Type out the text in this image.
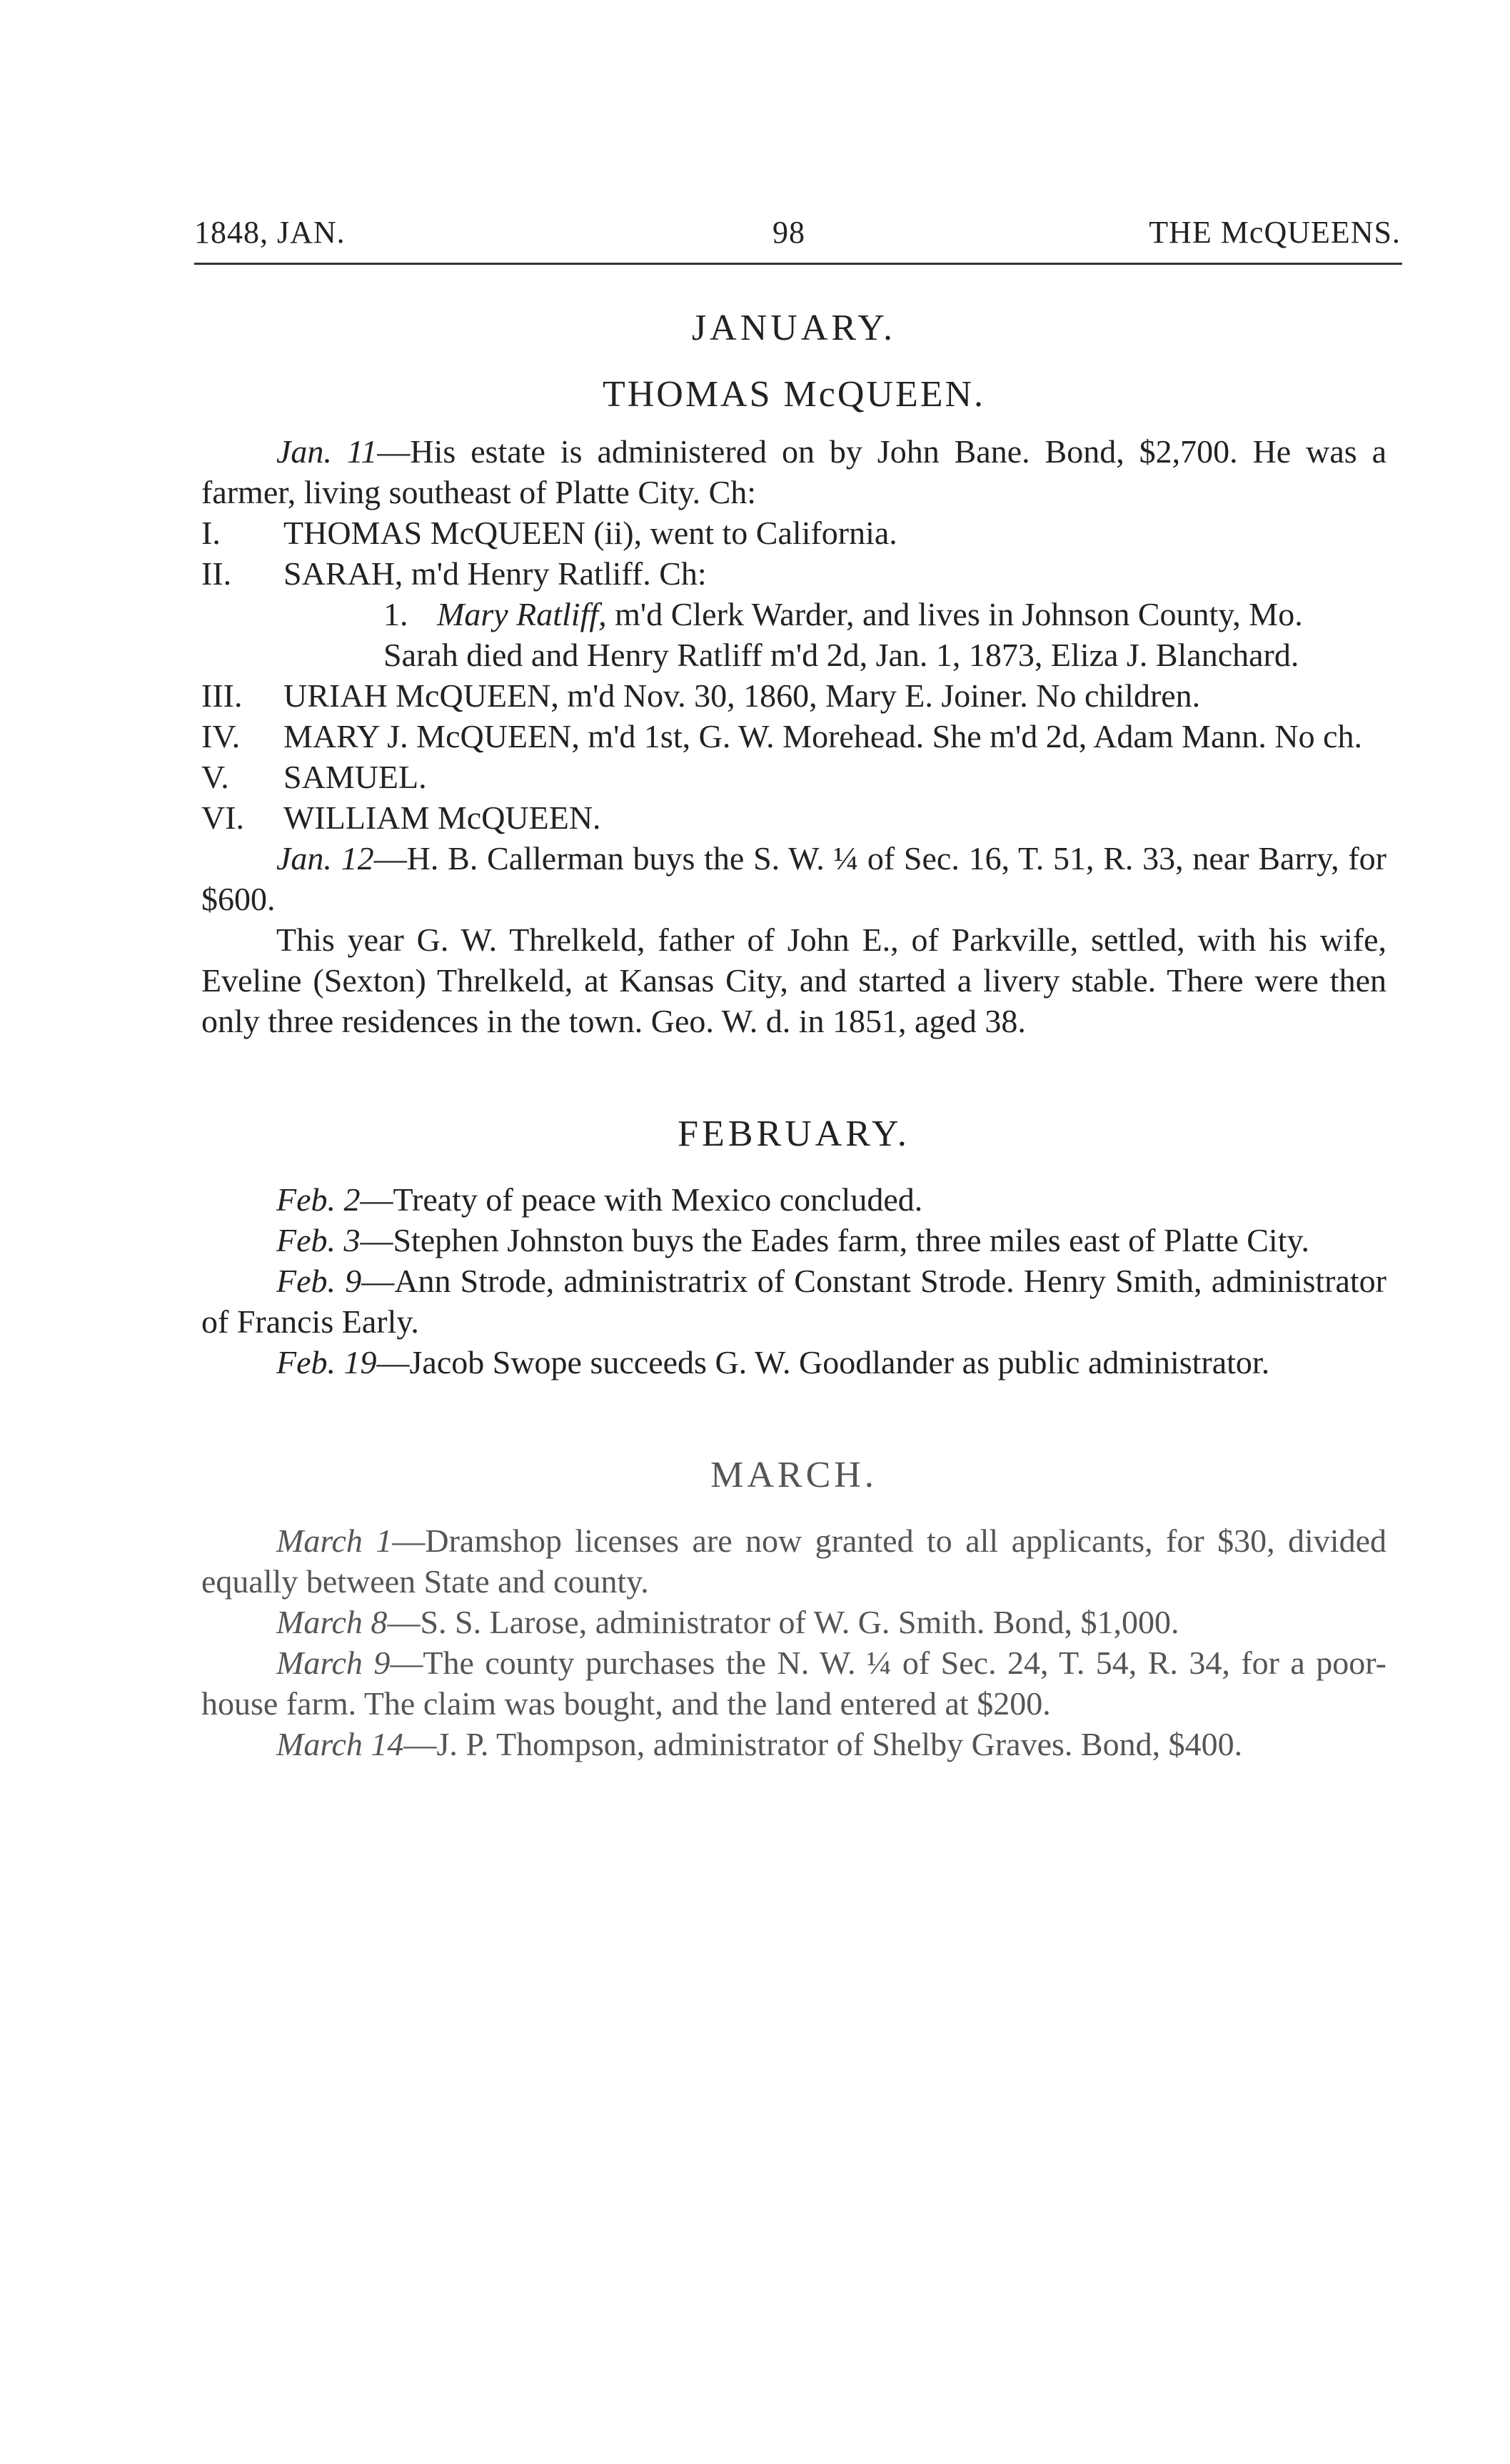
1848, JAN.	98	THE McQUEENS.
JANUARY.
THOMAS McQUEEN.

Jan. 11—His estate is administered on by John Bane. Bond, $2,700. He was a farmer, living southeast of Platte City. Ch:

I. THOMAS McQUEEN (ii), went to California.

II. SARAH, m'd Henry Ratliff. Ch:

1. Mary Ratliff, m'd Clerk Warder, and lives in Johnson County, Mo.

Sarah died and Henry Ratliff m'd 2d, Jan. 1, 1873, Eliza J. Blanchard.

III. URIAH McQUEEN, m'd Nov. 30, 1860, Mary E. Joiner. No children.

IV. MARY J. McQUEEN, m'd 1st, G. W. Morehead. She m'd 2d, Adam Mann. No ch.

V. SAMUEL.

VI. WILLIAM McQUEEN.

Jan. 12—H. B. Callerman buys the S. W. ¼ of Sec. 16, T. 51, R. 33, near Barry, for $600.

This year G. W. Threlkeld, father of John E., of Parkville, settled, with his wife, Eveline (Sexton) Threlkeld, at Kansas City, and started a livery stable. There were then only three residences in the town. Geo. W. d. in 1851, aged 38.

FEBRUARY.

Feb. 2—Treaty of peace with Mexico concluded.

Feb. 3—Stephen Johnston buys the Eades farm, three miles east of Platte City.

Feb. 9—Ann Strode, administratrix of Constant Strode. Henry Smith, administrator of Francis Early.

Feb. 19—Jacob Swope succeeds G. W. Goodlander as public administrator.

MARCH.

March 1—Dramshop licenses are now granted to all applicants, for $30, divided equally between State and county.

March 8—S. S. Larose, administrator of W. G. Smith. Bond, $1,000.

March 9—The county purchases the N. W. ¼ of Sec. 24, T. 54, R. 34, for a poor-house farm. The claim was bought, and the land entered at $200.

March 14—J. P. Thompson, administrator of Shelby Graves. Bond, $400.
